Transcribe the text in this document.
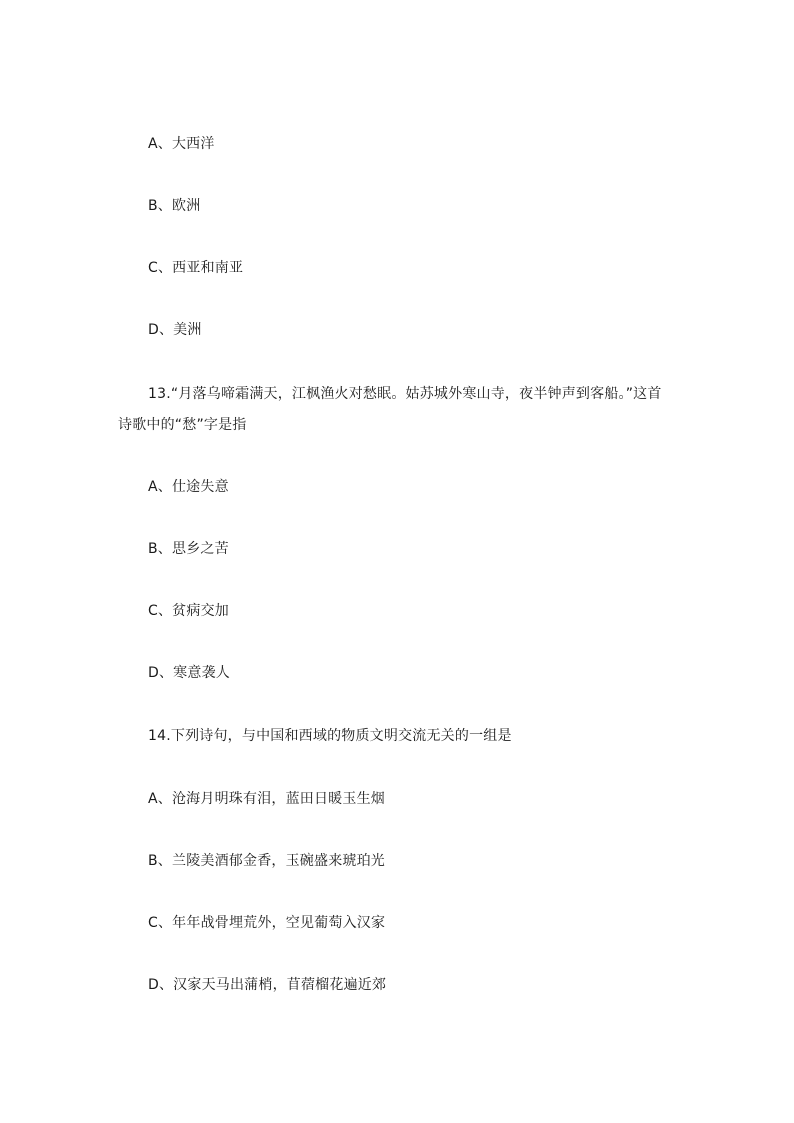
A、大西洋
B、欧洲
C、西亚和南亚
D、美洲
13.“月落乌啼霜满天，江枫渔火对愁眠。姑苏城外寒山寺，夜半钟声到客船。”这首
诗歌中的“愁”字是指
A、仕途失意
B、思乡之苦
C、贫病交加
D、寒意袭人
14.下列诗句，与中国和西域的物质文明交流无关的一组是
A、沧海月明珠有泪，蓝田日暖玉生烟
B、兰陵美酒郁金香，玉碗盛来琥珀光
C、年年战骨埋荒外，空见葡萄入汉家
D、汉家天马出蒲梢，苜蓿榴花遍近郊
